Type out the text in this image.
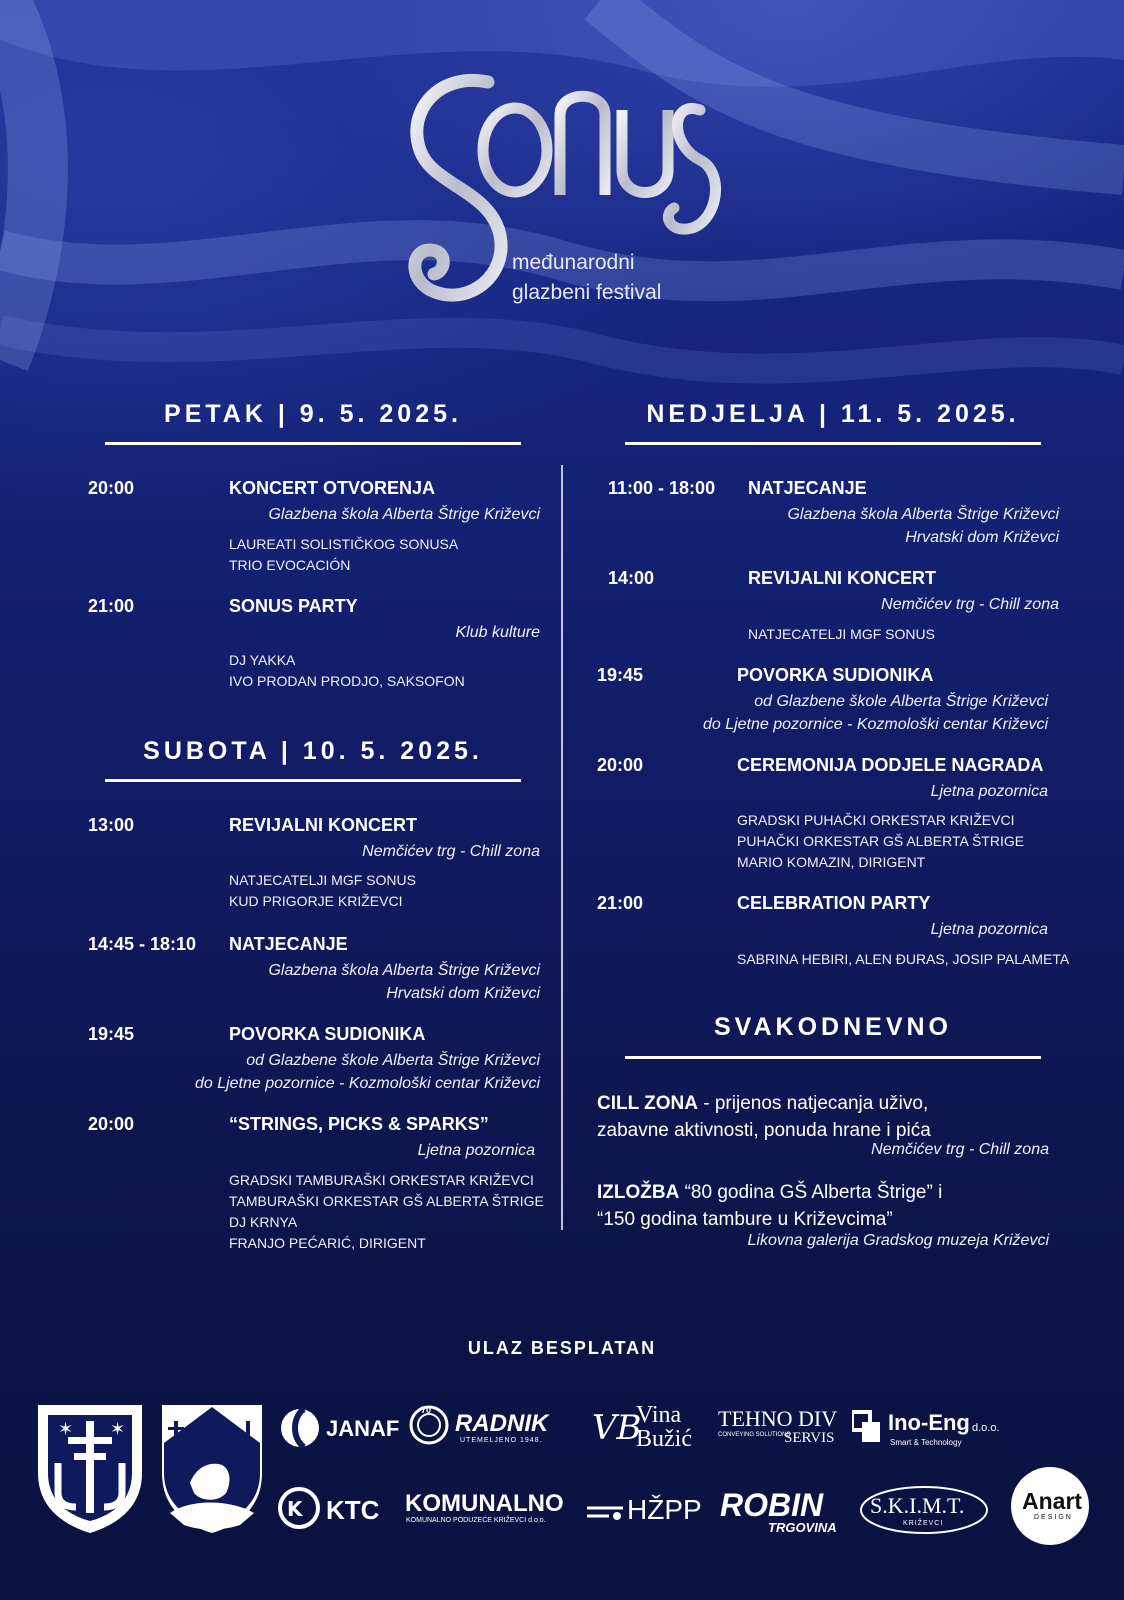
međunarodni
glazbeni festival
PETAK | 9. 5. 2025.
SUBOTA | 10. 5. 2025.
NEDJELJA | 11. 5. 2025.
20:00	KONCERT OTVORENJA
Glazbena škola Alberta Štrige Križevci
LAUREATI SOLISTIČKOG SONUSA
TRIO EVOCACIÓN
21:00	SONUS PARTY
Klub kulture
DJ YAKKA
IVO PRODAN PRODJO, SAKSOFON
13:00	REVIJALNI KONCERT
Nemčićev trg - Chill zona
NATJECATELJI MGF SONUS
KUD PRIGORJE KRIŽEVCI
14:45 - 18:10 NATJECANJE
Glazbena škola Alberta Štrige Križevci
Hrvatski dom Križevci
19:45	POVORKA SUDIONIKA
od Glazbene škole Alberta Štrige Križevci
do Ljetne pozornice - Kozmološki centar Križevci
20:00	“STRINGS, PICKS & SPARKS”
Ljetna pozornica
GRADSKI TAMBURAŠKI ORKESTAR KRIŽEVCI
TAMBURAŠKI ORKESTAR GŠ ALBERTA ŠTRIGE
DJ KRNYA
FRANJO PEĆARIĆ, DIRIGENT
11:00 - 18:00 NATJECANJE
Glazbena škola Alberta Štrige Križevci
Hrvatski dom Križevci
14:00	REVIJALNI KONCERT
Nemčićev trg - Chill zona
NATJECATELJI MGF SONUS
19:45	POVORKA SUDIONIKA
od Glazbene škole Alberta Štrige Križevci
do Ljetne pozornice - Kozmološki centar Križevci
20:00	CEREMONIJA DODJELE NAGRADA
Ljetna pozornica
GRADSKI PUHAČKI ORKESTAR KRIŽEVCI
PUHAČKI ORKESTAR GŠ ALBERTA ŠTRIGE
MARIO KOMAZIN, DIRIGENT
21:00	CELEBRATION PARTY
Ljetna pozornica
SABRINA HEBIRI, ALEN ĐURAS, JOSIP PALAMETA
SVAKODNEVNO
CILL ZONA - prijenos natjecanja uživo,
zabavne aktivnosti, ponuda hrane i pića
Nemčićev trg - Chill zona
IZLOŽBA “80 godina GŠ Alberta Štrige” i
“150 godina tambure u Križevcima”
Likovna galerija Gradskog muzeja Križevci
ULAZ BESPLATAN
✶ ✶	JANAF
70 RADNIK
UTEMELJENO 1948. VB
Vina
Bužić
TEHNO DIV
CONVEYING SOLUTIONS
SERVIS
Ino-Eng d.o.o.
Smart & Technology
K KTC KOMUNALNO
KOMUNALNO PODUZEĆE KRIŽEVCI d.o.o.	HŽPP ROBIN
TRGOVINA
S.K.I.M.T.
KRIŽEVCI
Anart
DESIGN
